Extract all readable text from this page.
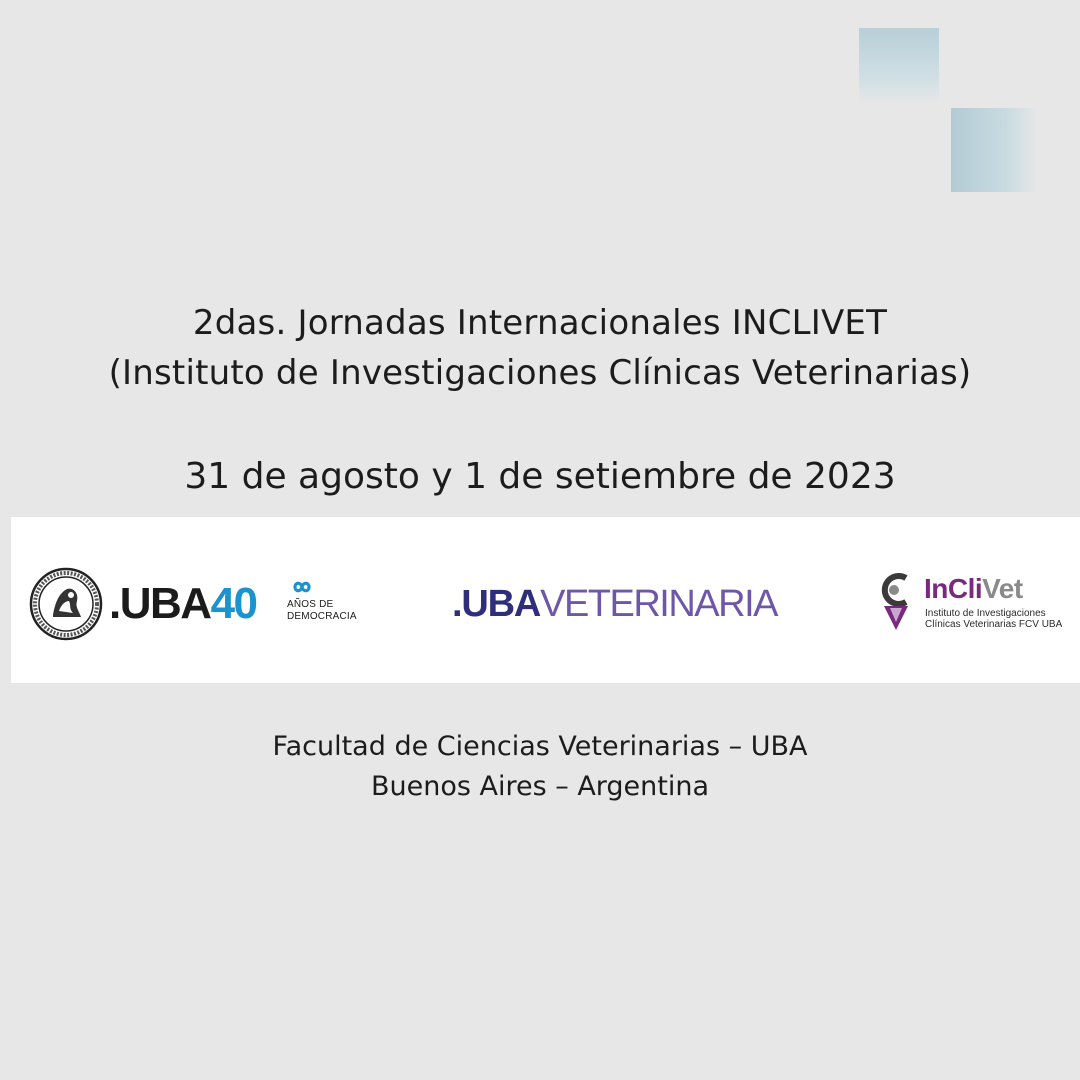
2das. Jornadas Internacionales INCLIVET
(Instituto de Investigaciones Clínicas Veterinarias)
31 de agosto y 1 de setiembre de 2023
.UBA40	AÑOS DE
DEMOCRACIA	.UBAVETERINARIA	InCliVet
Instituto de Investigaciones
Clínicas Veterinarias FCV UBA
Facultad de Ciencias Veterinarias – UBA
Buenos Aires – Argentina
